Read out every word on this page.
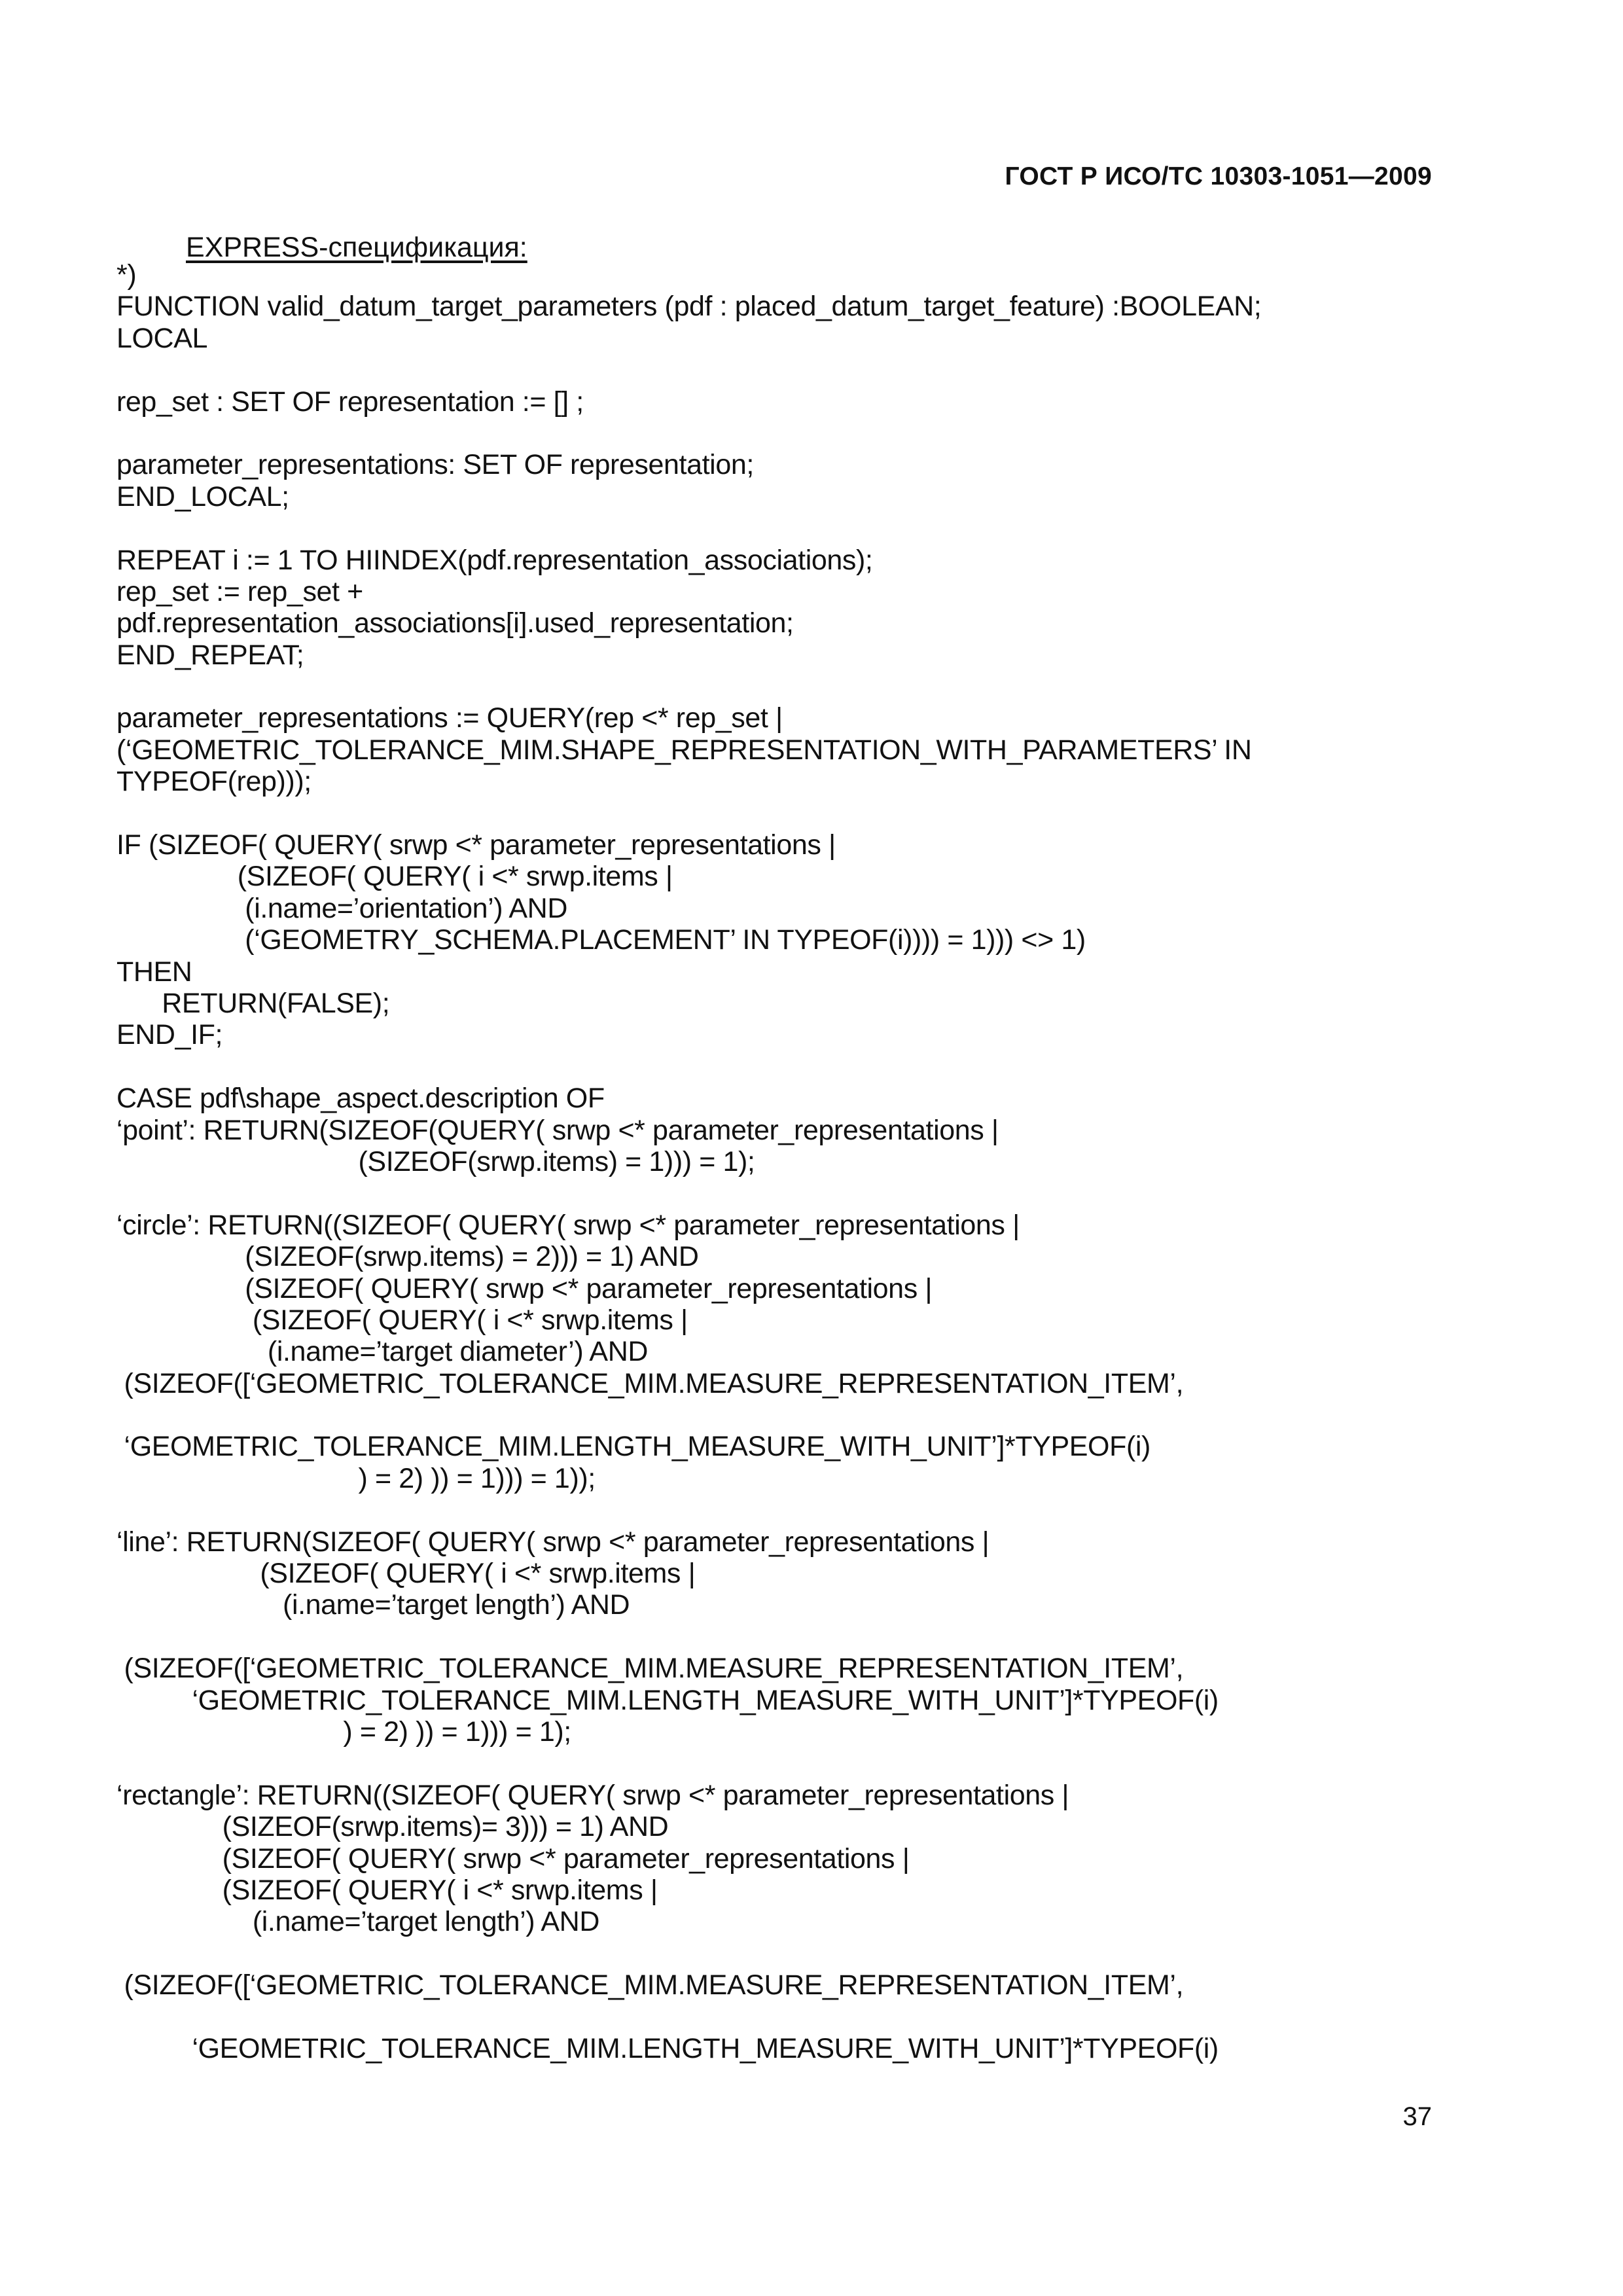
ГОСТ Р ИСО/ТС 10303-1051—2009
EXPRESS-спецификация:
*)
FUNCTION valid_datum_target_parameters (pdf : placed_datum_target_feature) :BOOLEAN;
LOCAL
rep_set : SET OF representation := [] ;
parameter_representations: SET OF representation;
END_LOCAL;
REPEAT i := 1 TO HIINDEX(pdf.representation_associations);
rep_set := rep_set +
pdf.representation_associations[i].used_representation;
END_REPEAT;
parameter_representations := QUERY(rep <* rep_set |
(‘GEOMETRIC_TOLERANCE_MIM.SHAPE_REPRESENTATION_WITH_PARAMETERS’ IN
TYPEOF(rep)));
IF (SIZEOF( QUERY( srwp <* parameter_representations |
(SIZEOF( QUERY( i <* srwp.items |
(i.name=’orientation’) AND
(‘GEOMETRY_SCHEMA.PLACEMENT’ IN TYPEOF(i)))) = 1))) <> 1)
THEN
RETURN(FALSE);
END_IF;
CASE pdf\shape_aspect.description OF
‘point’: RETURN(SIZEOF(QUERY( srwp <* parameter_representations |
(SIZEOF(srwp.items) = 1))) = 1);
‘circle’: RETURN((SIZEOF( QUERY( srwp <* parameter_representations |
(SIZEOF(srwp.items) = 2))) = 1) AND
(SIZEOF( QUERY( srwp <* parameter_representations |
(SIZEOF( QUERY( i <* srwp.items |
(i.name=’target diameter’) AND
(SIZEOF([‘GEOMETRIC_TOLERANCE_MIM.MEASURE_REPRESENTATION_ITEM’,
‘GEOMETRIC_TOLERANCE_MIM.LENGTH_MEASURE_WITH_UNIT’]*TYPEOF(i)
) = 2) )) = 1))) = 1));
‘line’: RETURN(SIZEOF( QUERY( srwp <* parameter_representations |
(SIZEOF( QUERY( i <* srwp.items |
(i.name=’target length’) AND
(SIZEOF([‘GEOMETRIC_TOLERANCE_MIM.MEASURE_REPRESENTATION_ITEM’,
‘GEOMETRIC_TOLERANCE_MIM.LENGTH_MEASURE_WITH_UNIT’]*TYPEOF(i)
) = 2) )) = 1))) = 1);
‘rectangle’: RETURN((SIZEOF( QUERY( srwp <* parameter_representations |
(SIZEOF(srwp.items)= 3))) = 1) AND
(SIZEOF( QUERY( srwp <* parameter_representations |
(SIZEOF( QUERY( i <* srwp.items |
(i.name=’target length’) AND
(SIZEOF([‘GEOMETRIC_TOLERANCE_MIM.MEASURE_REPRESENTATION_ITEM’,
‘GEOMETRIC_TOLERANCE_MIM.LENGTH_MEASURE_WITH_UNIT’]*TYPEOF(i)
37
